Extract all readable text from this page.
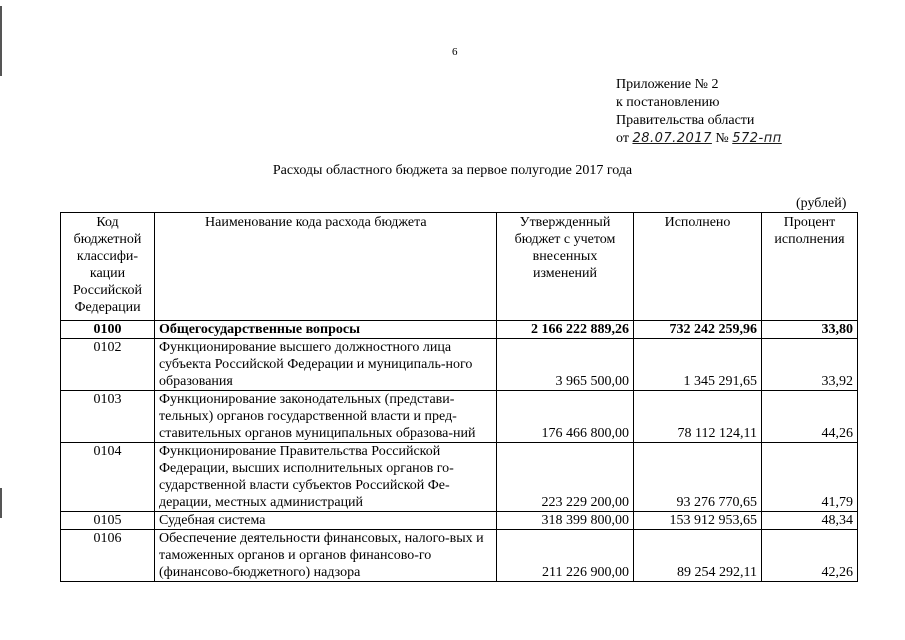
6
Приложение № 2
к постановлению
Правительства области
от 28.07.2017 № 572-пп
Расходы областного бюджета за первое полугодие 2017 года
(рублей)
Код бюджетной классифи-кации Российской Федерации	Наименование кода расхода бюджета	Утвержденный бюджет с учетом внесенных изменений	Исполнено	Процент исполнения
0100	Общегосударственные вопросы	2 166 222 889,26	732 242 259,96	33,80
0102	Функционирование высшего должностного лица субъекта Российской Федерации и муниципаль-ного образования	3 965 500,00	1 345 291,65	33,92
0103	Функционирование законодательных (представи-тельных) органов государственной власти и пред-ставительных органов муниципальных образова-ний	176 466 800,00	78 112 124,11	44,26
0104	Функционирование Правительства Российской Федерации, высших исполнительных органов го-сударственной власти субъектов Российской Фе-дерации, местных администраций	223 229 200,00	93 276 770,65	41,79
0105	Судебная система	318 399 800,00	153 912 953,65	48,34
0106	Обеспечение деятельности финансовых, налого-вых и таможенных органов и органов финансово-го (финансово-бюджетного) надзора	211 226 900,00	89 254 292,11	42,26
